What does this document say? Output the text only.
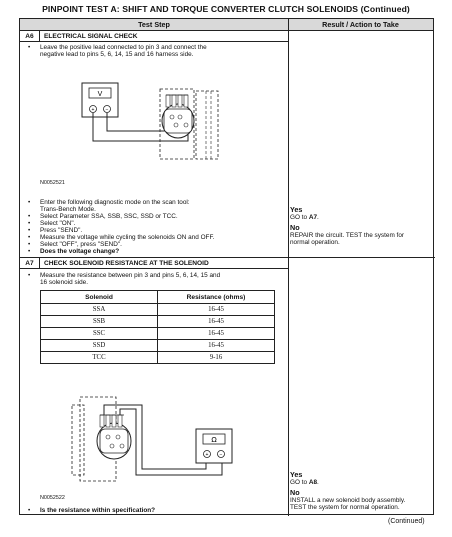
PINPOINT TEST A: SHIFT AND TORQUE CONVERTER CLUTCH SOLENOIDS (Continued)
Test Step	Result / Action to Take
A6	ELECTRICAL SIGNAL CHECK
• Leave the positive lead connected to pin 3 and connect the
negative lead to pins 5, 6, 14, 15 and 16 harness side.
V
+ −
N0052521
• Enter the following diagnostic mode on the scan tool:
Trans-Bench Mode.
• Select Parameter SSA, SSB, SSC, SSD or TCC.
• Select "ON".
• Press "SEND".
• Measure the voltage while cycling the solenoids ON and OFF.
• Select "OFF", press "SEND".
• Does the voltage change?
Yes
GO to A7.
No
REPAIR the circuit. TEST the system for
normal operation.
A7	CHECK SOLENOID RESISTANCE AT THE SOLENOID
• Measure the resistance between pin 3 and pins 5, 6, 14, 15 and
16 solenoid side.
Solenoid	Resistance (ohms)
SSA	16-45
SSB	16-45
SSC	16-45
SSD	16-45
TCC	9-16
Ω
+ −
N0052522
• Is the resistance within specification?
Yes
GO to A8.
No
INSTALL a new solenoid body assembly.
TEST the system for normal operation.
(Continued)
